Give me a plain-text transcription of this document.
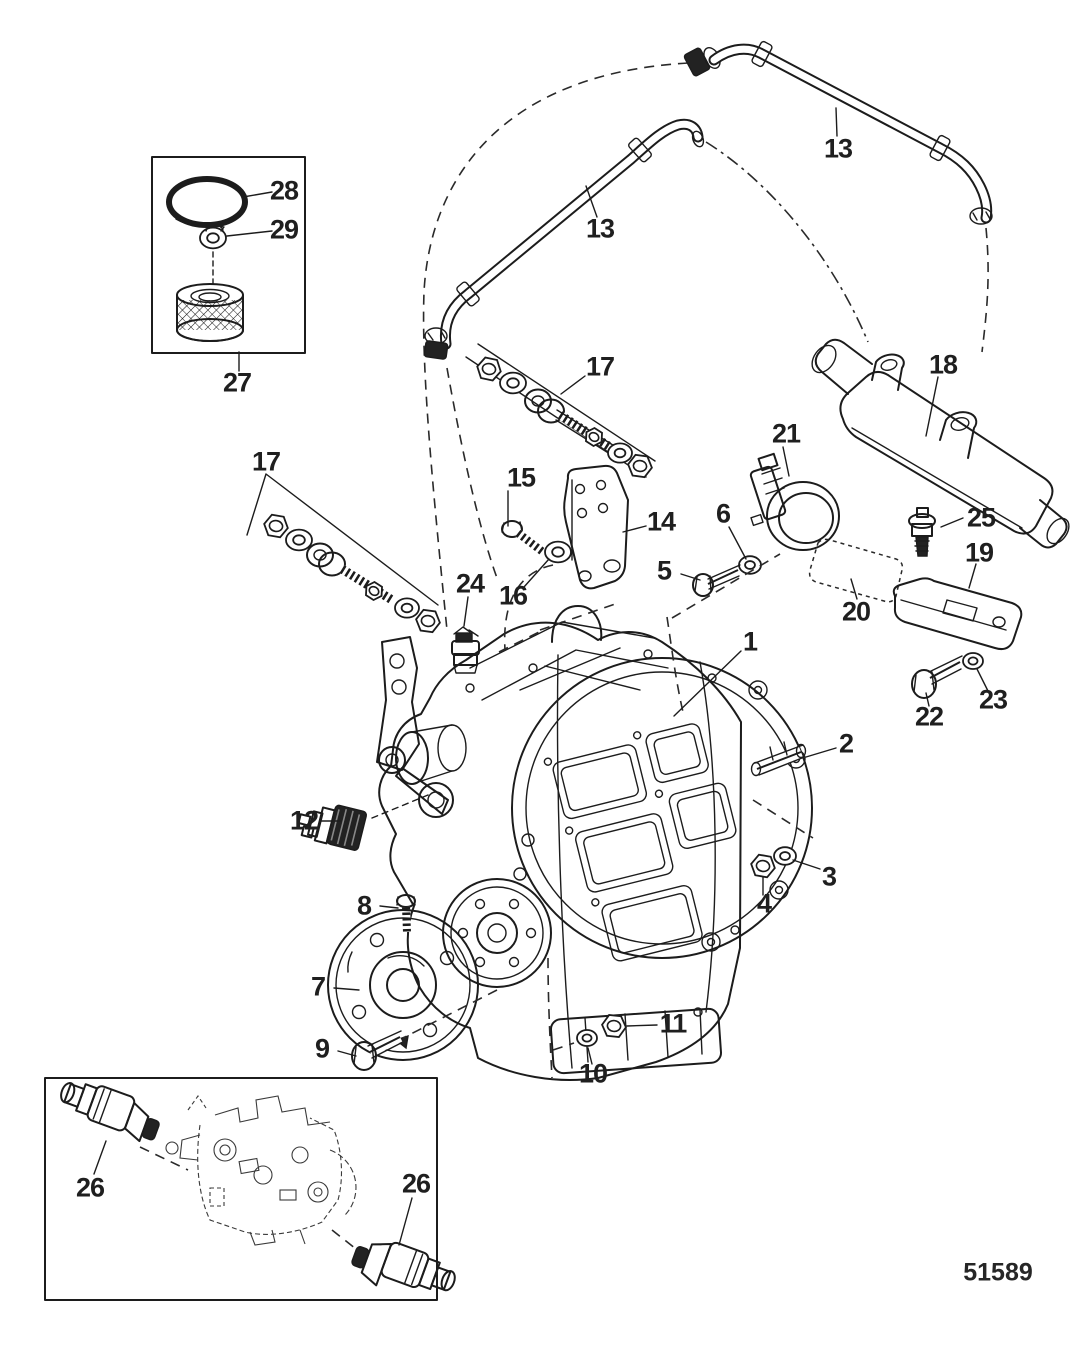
28
29
27
13
13
17
17
15
16
14
24
21
6
5
20
18
25
19
22
23
1
2
3
4
12
8
7
9
10
11
26	26
51589
